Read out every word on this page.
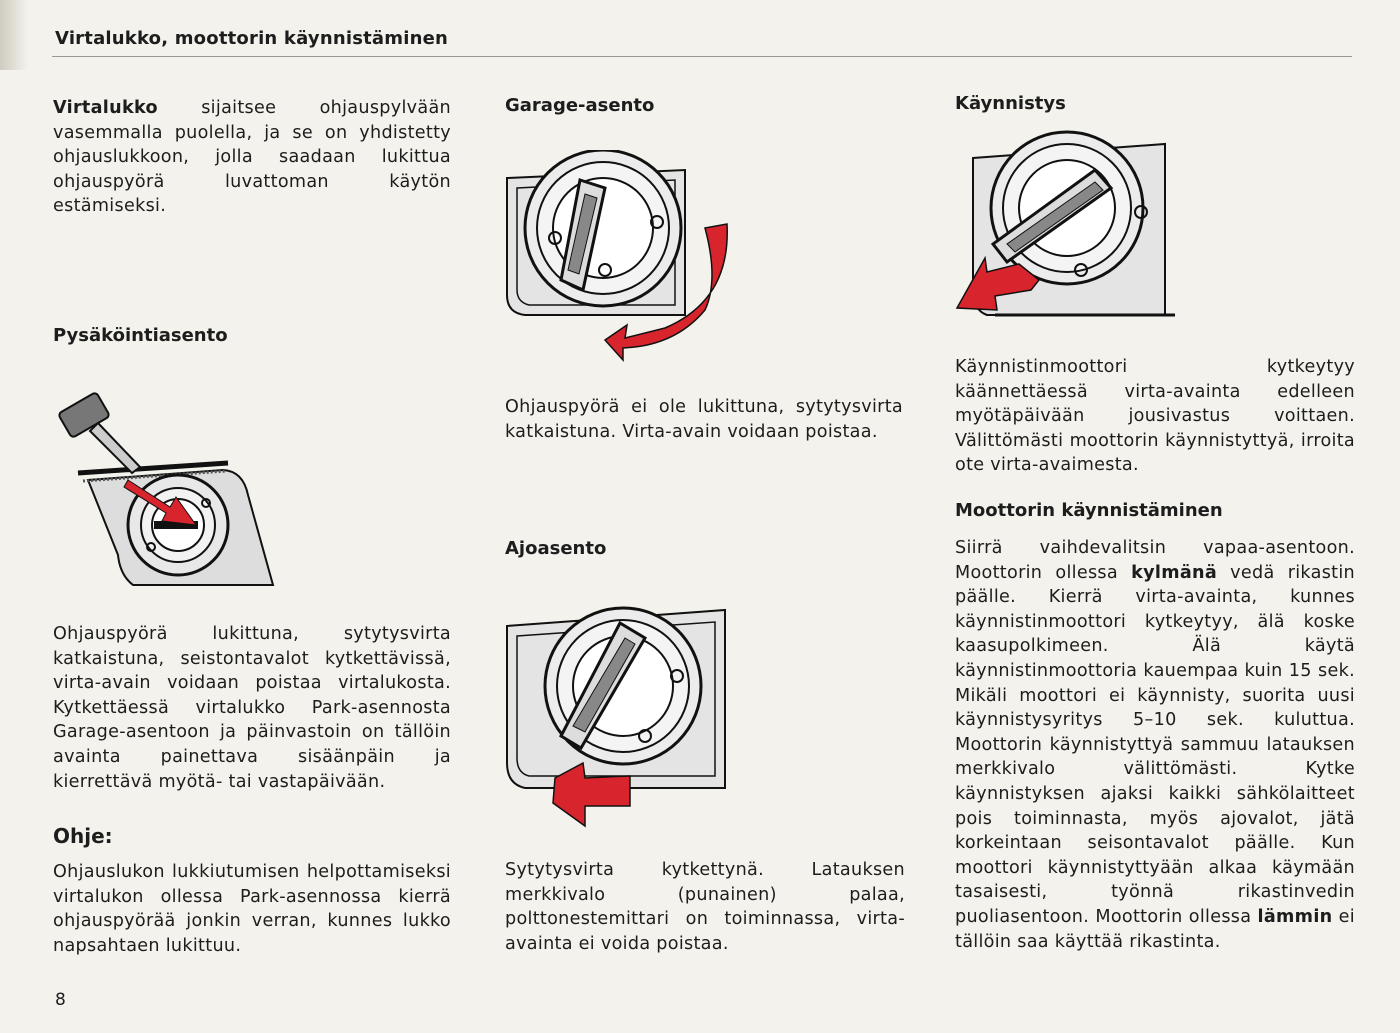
Virtalukko, moottorin käynnistäminen
Virtalukko sijaitsee ohjauspylvään vasemmalla puolella, ja se on yhdistetty ohjauslukkoon, jolla saadaan lukittua ohjauspyörä luvattoman käytön estämiseksi.
Pysäköintiasento
Ohjauspyörä lukittuna, sytytysvirta katkaistuna, seistontavalot kytkettävissä, virta-avain voidaan poistaa virtalukosta. Kytkettäessä virtalukko Park-asennosta Garage-asentoon ja päinvastoin on tällöin avainta painettava sisäänpäin ja kierrettävä myötä- tai vastapäivään.
Ohje:
Ohjauslukon lukkiutumisen helpottamiseksi virtalukon ollessa Park-asennossa kierrä ohjauspyörää jonkin verran, kunnes lukko napsahtaen lukittuu.
Garage-asento
Ohjauspyörä ei ole lukittuna, sytytysvirta katkaistuna. Virta-avain voidaan poistaa.
Ajoasento
Sytytysvirta kytkettynä. Latauksen merkkivalo (punainen) palaa, polttonestemittari on toiminnassa, virta-avainta ei voida poistaa.
Käynnistys
Käynnistinmoottori kytkeytyy käännettäessä virta-avainta edelleen myötäpäivään jousivastus voittaen. Välittömästi moottorin käynnistyttyä, irroita ote virta-avaimesta.
Moottorin käynnistäminen
Siirrä vaihdevalitsin vapaa-asentoon. Moottorin ollessa kylmänä vedä rikastin päälle. Kierrä virta-avainta, kunnes käynnistinmoottori kytkeytyy, älä koske kaasupolkimeen. Älä käytä käynnistinmoottoria kauempaa kuin 15 sek. Mikäli moottori ei käynnisty, suorita uusi käynnistysyritys 5–10 sek. kuluttua. Moottorin käynnistyttyä sammuu latauksen merkkivalo välittömästi. Kytke käynnistyksen ajaksi kaikki sähkölaitteet pois toiminnasta, myös ajovalot, jätä korkeintaan seisontavalot päälle. Kun moottori käynnistyttyään alkaa käymään tasaisesti, työnnä rikastinvedin puoliasentoon. Moottorin ollessa lämmin ei tällöin saa käyttää rikastinta.
8
